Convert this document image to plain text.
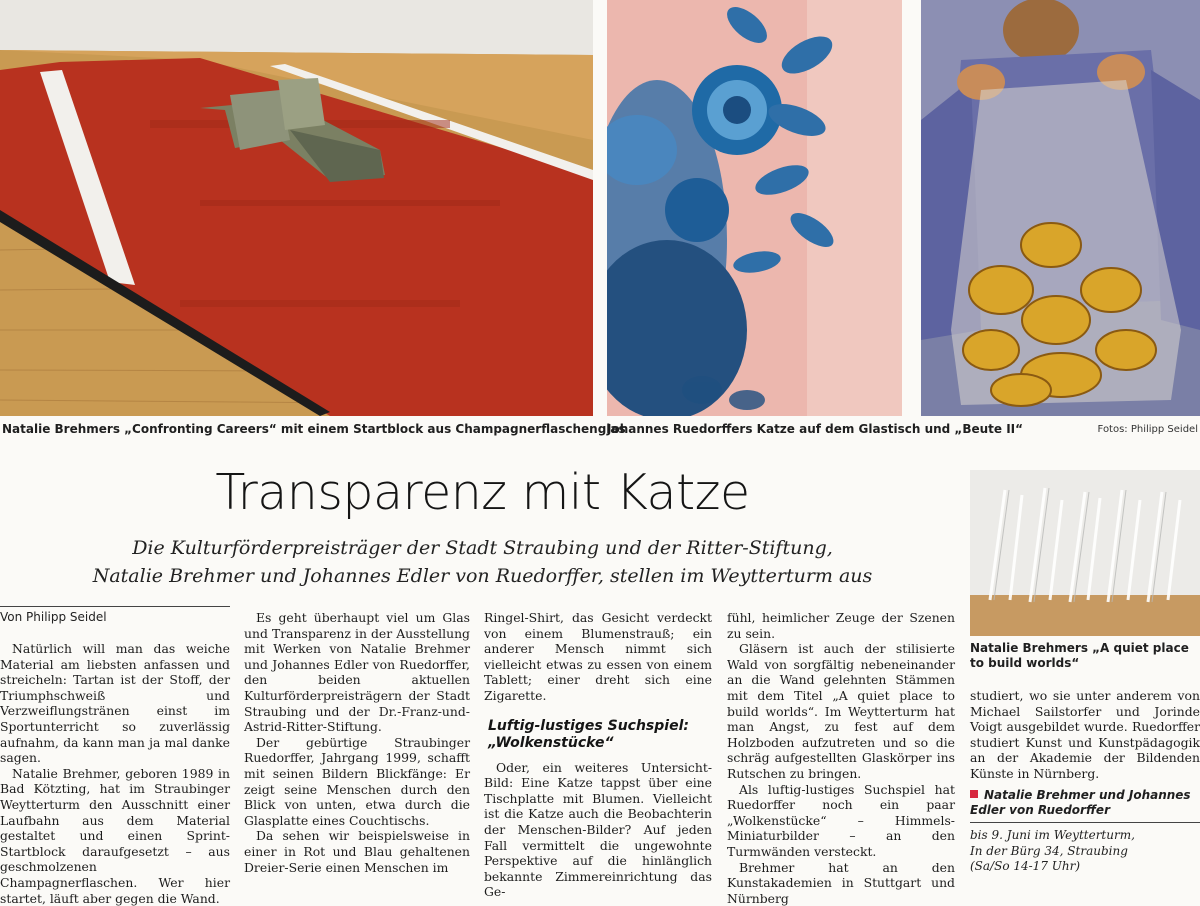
Natalie Brehmers „Confronting Careers“ mit einem Startblock aus Champagnerflaschenglas
Johannes Ruedorffers Katze auf dem Glastisch und „Beute II“	Fotos: Philipp Seidel
Transparenz mit Katze
Die Kulturförderpreisträger der Stadt Straubing und der Ritter-Stiftung,
Natalie Brehmer und Johannes Edler von Ruedorffer, stellen im Weytterturm aus
Von Philipp Seidel

Natürlich will man das weiche Material am liebsten anfassen und streicheln: Tartan ist der Stoff, der Triumphschweiß und Verzweiflungstränen einst im Sportunterricht so zuverlässig aufnahm, da kann man ja mal danke sagen.

Natalie Brehmer, geboren 1989 in Bad Kötzting, hat im Straubinger Weytterturm den Ausschnitt einer Laufbahn aus dem Material gestaltet und einen Sprint-Startblock daraufgesetzt – aus geschmolzenen Champagnerflaschen. Wer hier startet, läuft aber gegen die Wand.

Es geht überhaupt viel um Glas und Transparenz in der Ausstellung mit Werken von Natalie Brehmer und Johannes Edler von Ruedorffer, den beiden aktuellen Kulturförderpreisträgern der Stadt Straubing und der Dr.-Franz-und-Astrid-Ritter-Stiftung.

Der gebürtige Straubinger Ruedorffer, Jahrgang 1999, schafft mit seinen Bildern Blickfänge: Er zeigt seine Menschen durch den Blick von unten, etwa durch die Glasplatte eines Couchtischs.

Da sehen wir beispielsweise in einer in Rot und Blau gehaltenen Dreier-Serie einen Menschen im

Ringel-Shirt, das Gesicht verdeckt von einem Blumenstrauß; ein anderer Mensch nimmt sich vielleicht etwas zu essen von einem Tablett; einer dreht sich eine Zigarette.

Luftig-lustiges Suchspiel:
„Wolkenstücke“

Oder, ein weiteres Untersicht-Bild: Eine Katze tappst über eine Tischplatte mit Blumen. Vielleicht ist die Katze auch die Beobachterin der Menschen-Bilder? Auf jeden Fall vermittelt die ungewohnte Perspektive auf die hinlänglich bekannte Zimmereinrichtung das Ge-

fühl, heimlicher Zeuge der Szenen zu sein.

Gläsern ist auch der stilisierte Wald von sorgfältig nebeneinander an die Wand gelehnten Stämmen mit dem Titel „A quiet place to build worlds“. Im Weytterturm hat man Angst, zu fest auf dem Holzboden aufzutreten und so die schräg aufgestellten Glaskörper ins Rutschen zu bringen.

Als luftig-lustiges Suchspiel hat Ruedorffer noch ein paar „Wolkenstücke“ – Himmels-Miniaturbilder – an den Turmwänden versteckt.

Brehmer hat an den Kunstakademien in Stuttgart und Nürnberg

Natalie Brehmers „A quiet place to build worlds“

studiert, wo sie unter anderem von Michael Sailstorfer und Jorinde Voigt ausgebildet wurde. Ruedorffer studiert Kunst und Kunstpädagogik an der Akademie der Bildenden Künste in Nürnberg.

Natalie Brehmer und Johannes Edler von Ruedorffer
bis 9. Juni im Weytterturm,
In der Bürg 34, Straubing
(Sa/So 14-17 Uhr)
